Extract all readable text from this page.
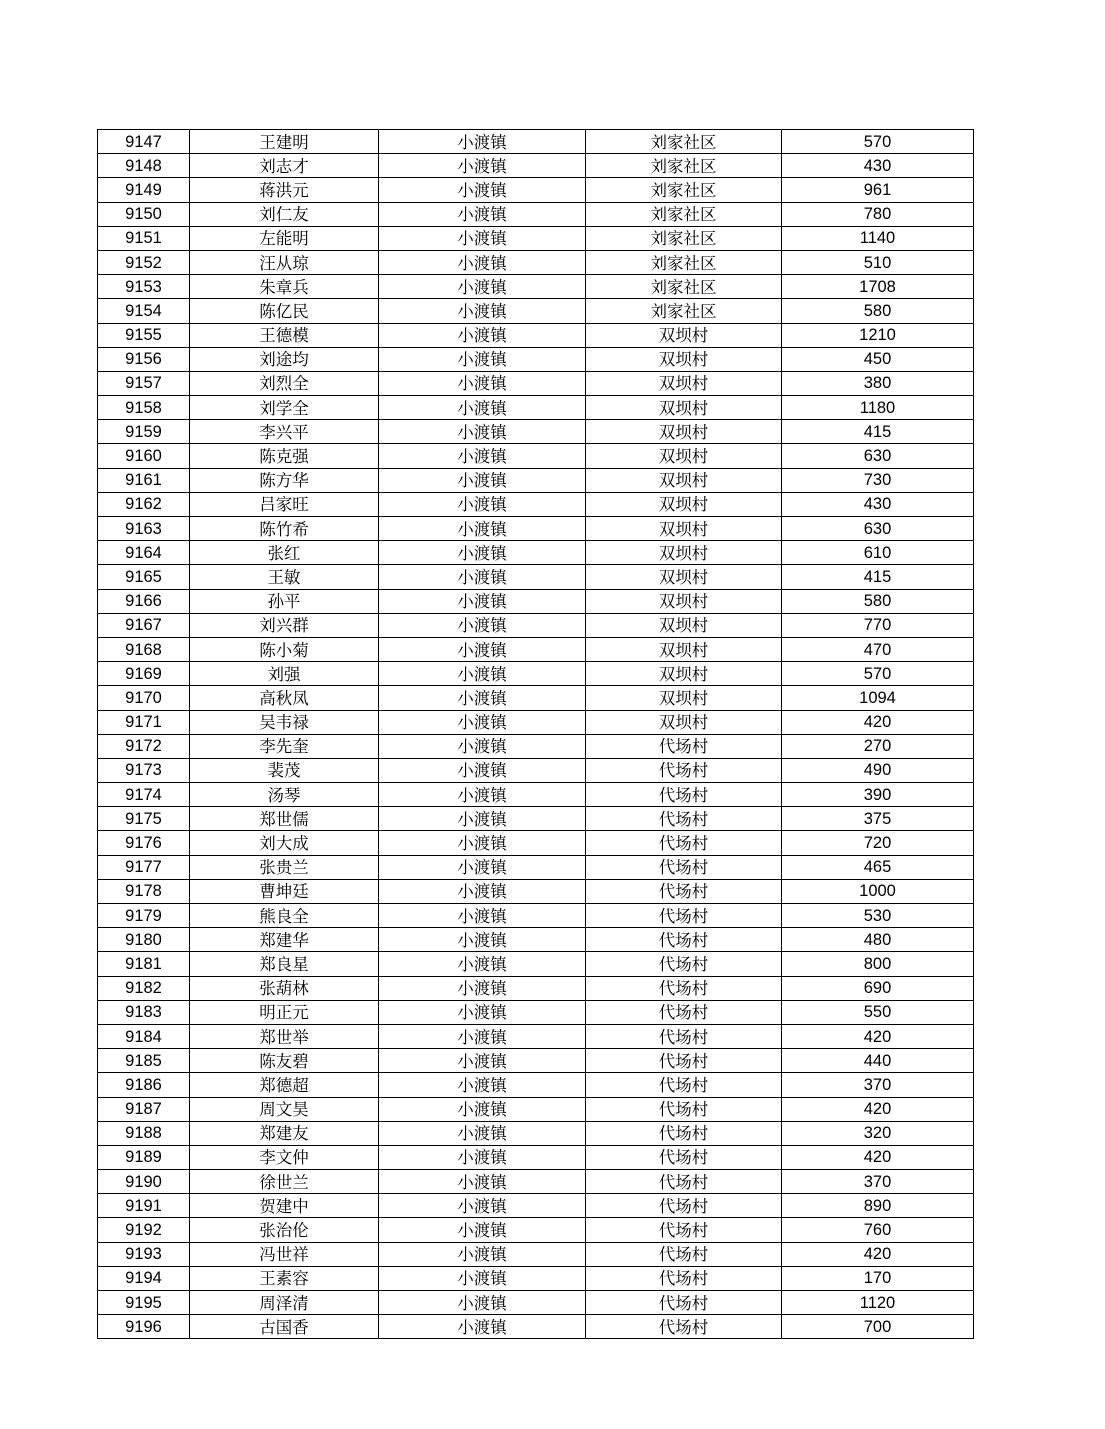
9147	王建明	小渡镇	刘家社区	570
9148	刘志才	小渡镇	刘家社区	430
9149	蒋洪元	小渡镇	刘家社区	961
9150	刘仁友	小渡镇	刘家社区	780
9151	左能明	小渡镇	刘家社区	1140
9152	汪从琼	小渡镇	刘家社区	510
9153	朱章兵	小渡镇	刘家社区	1708
9154	陈亿民	小渡镇	刘家社区	580
9155	王德模	小渡镇	双坝村	1210
9156	刘途均	小渡镇	双坝村	450
9157	刘烈全	小渡镇	双坝村	380
9158	刘学全	小渡镇	双坝村	1180
9159	李兴平	小渡镇	双坝村	415
9160	陈克强	小渡镇	双坝村	630
9161	陈方华	小渡镇	双坝村	730
9162	吕家旺	小渡镇	双坝村	430
9163	陈竹希	小渡镇	双坝村	630
9164	张红	小渡镇	双坝村	610
9165	王敏	小渡镇	双坝村	415
9166	孙平	小渡镇	双坝村	580
9167	刘兴群	小渡镇	双坝村	770
9168	陈小菊	小渡镇	双坝村	470
9169	刘强	小渡镇	双坝村	570
9170	高秋凤	小渡镇	双坝村	1094
9171	吴韦禄	小渡镇	双坝村	420
9172	李先奎	小渡镇	代场村	270
9173	裴茂	小渡镇	代场村	490
9174	汤琴	小渡镇	代场村	390
9175	郑世儒	小渡镇	代场村	375
9176	刘大成	小渡镇	代场村	720
9177	张贵兰	小渡镇	代场村	465
9178	曹坤廷	小渡镇	代场村	1000
9179	熊良全	小渡镇	代场村	530
9180	郑建华	小渡镇	代场村	480
9181	郑良星	小渡镇	代场村	800
9182	张葫林	小渡镇	代场村	690
9183	明正元	小渡镇	代场村	550
9184	郑世举	小渡镇	代场村	420
9185	陈友碧	小渡镇	代场村	440
9186	郑德超	小渡镇	代场村	370
9187	周文昊	小渡镇	代场村	420
9188	郑建友	小渡镇	代场村	320
9189	李文仲	小渡镇	代场村	420
9190	徐世兰	小渡镇	代场村	370
9191	贺建中	小渡镇	代场村	890
9192	张治伦	小渡镇	代场村	760
9193	冯世祥	小渡镇	代场村	420
9194	王素容	小渡镇	代场村	170
9195	周泽清	小渡镇	代场村	1120
9196	古国香	小渡镇	代场村	700
